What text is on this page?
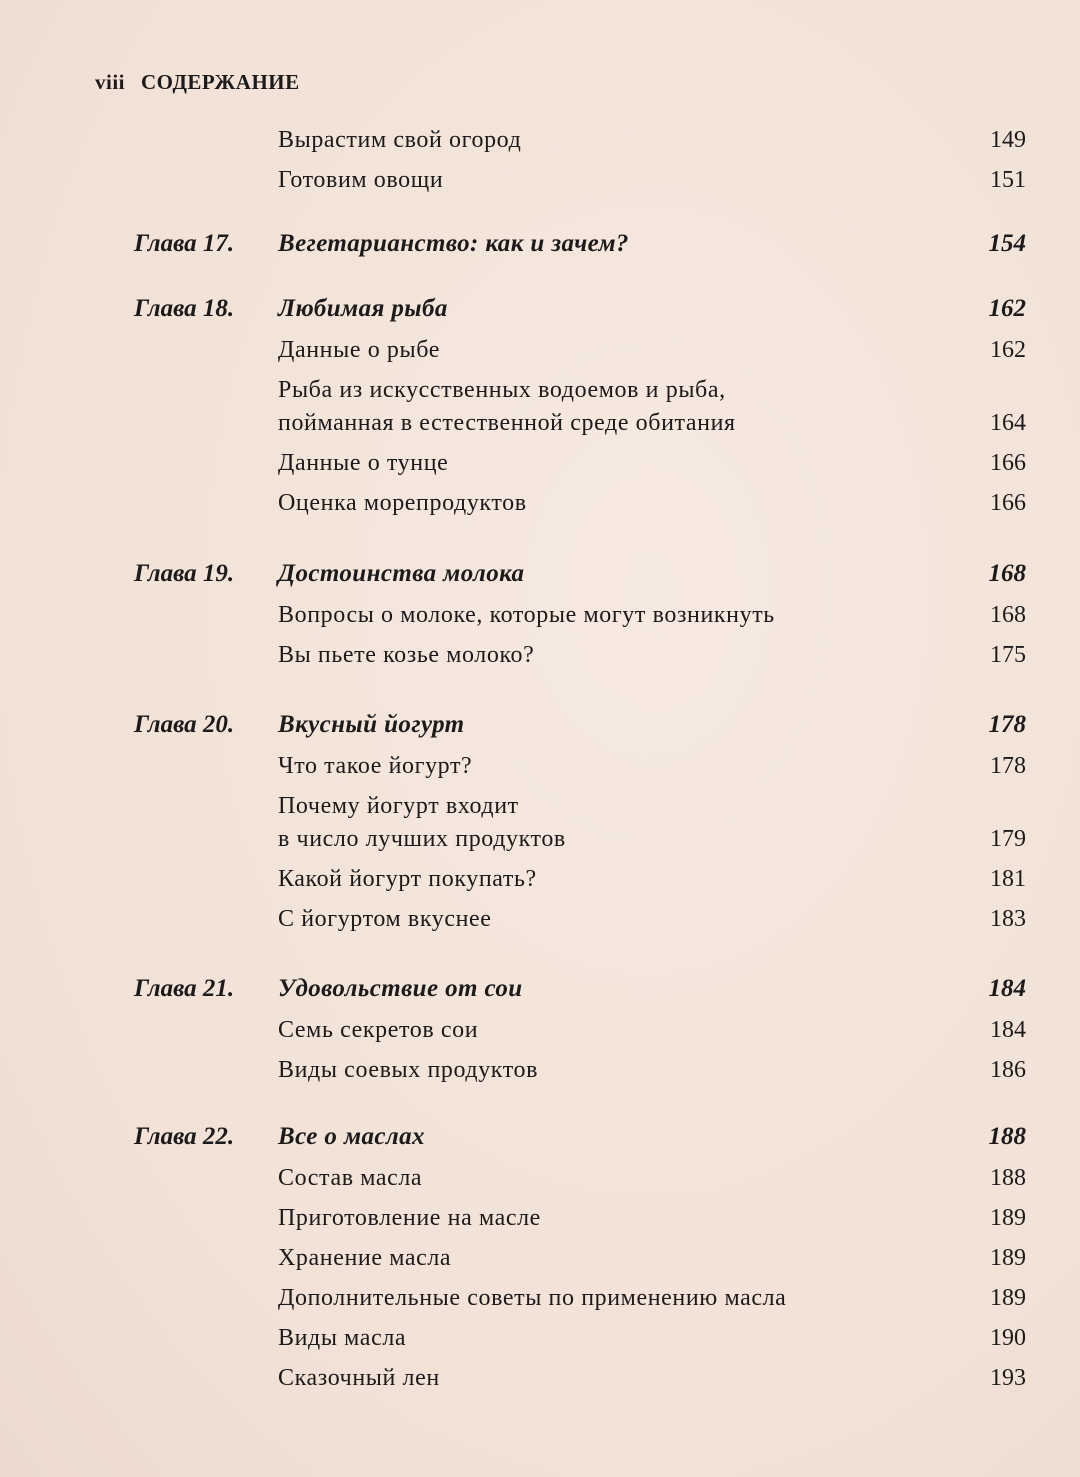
viii СОДЕРЖАНИЕ
Вырастим свой огород	149
Готовим овощи	151
Глава 17. Вегетарианство: как и зачем?	154
Глава 18. Любимая рыба	162
Данные о рыбе	162
Рыба из искусственных водоемов и рыба,
пойманная в естественной среде обитания	164
Данные о тунце	166
Оценка морепродуктов	166
Глава 19. Достоинства молока	168
Вопросы о молоке, которые могут возникнуть	168
Вы пьете козье молоко?	175
Глава 20. Вкусный йогурт	178
Что такое йогурт?	178
Почему йогурт входит
в число лучших продуктов	179
Какой йогурт покупать?	181
С йогуртом вкуснее	183
Глава 21. Удовольствие от сои	184
Семь секретов сои	184
Виды соевых продуктов	186
Глава 22. Все о маслах	188
Состав масла	188
Приготовление на масле	189
Хранение масла	189
Дополнительные советы по применению масла	189
Виды масла	190
Сказочный лен	193
